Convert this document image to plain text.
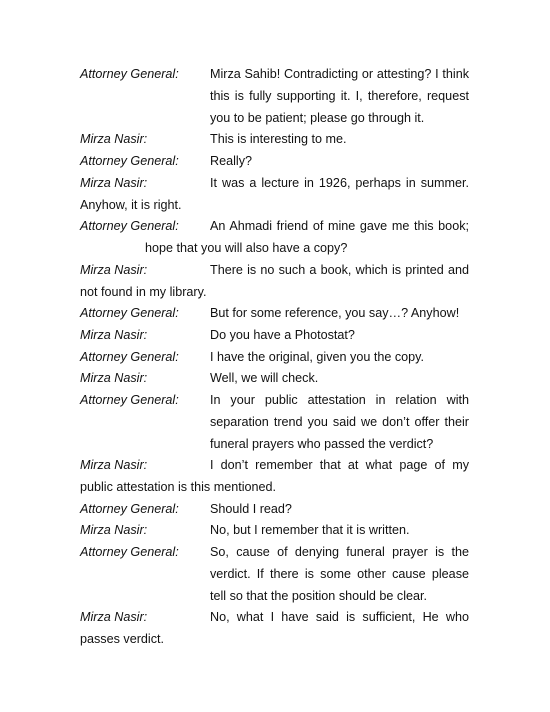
Attorney General: Mirza Sahib! Contradicting or attesting? I think
this is fully supporting it. I, therefore, request
you to be patient; please go through it.
Mirza Nasir:	This is interesting to me.
Attorney General: Really?
Mirza Nasir:	It was a lecture in 1926, perhaps in summer.
Anyhow, it is right.
Attorney General: An Ahmadi friend of mine gave me this book;
hope that you will also have a copy?
Mirza Nasir:	There is no such a book, which is printed and
not found in my library.
Attorney General: But for some reference, you say…? Anyhow!
Mirza Nasir:	Do you have a Photostat?
Attorney General: I have the original, given you the copy.
Mirza Nasir:	Well, we will check.
Attorney General: In your public attestation in relation with
separation trend you said we don’t offer their
funeral prayers who passed the verdict?
Mirza Nasir:	I don’t remember that at what page of my
public attestation is this mentioned.
Attorney General: Should I read?
Mirza Nasir:	No, but I remember that it is written.
Attorney General: So, cause of denying funeral prayer is the
verdict. If there is some other cause please
tell so that the position should be clear.
Mirza Nasir:	No, what I have said is sufficient, He who
passes verdict.
